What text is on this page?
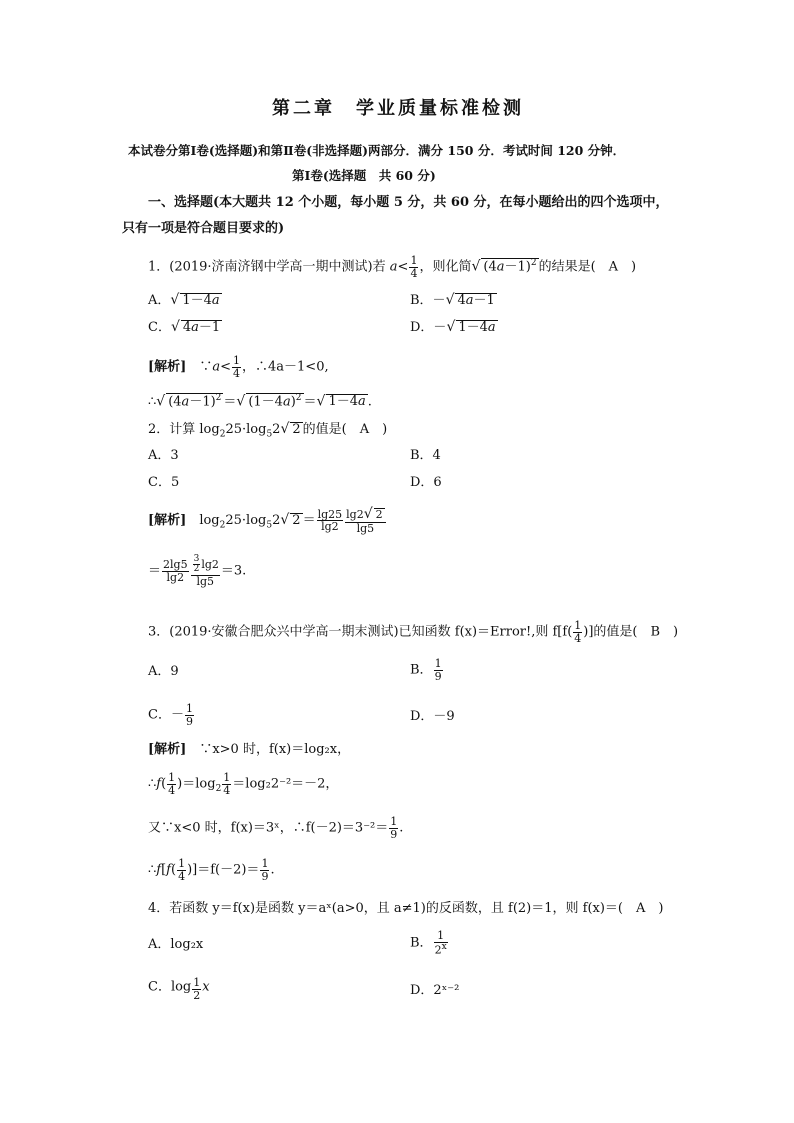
第二章　学业质量标准检测
本试卷分第Ⅰ卷(选择题)和第Ⅱ卷(非选择题)两部分．满分 150 分．考试时间 120 分钟．
第Ⅰ卷(选择题　共 60 分)
一、选择题(本大题共 12 个小题，每小题 5 分，共 60 分，在每小题给出的四个选项中，
只有一项是符合题目要求的)
1．(2019·济南济钢中学高一期中测试)若 $a< \frac{1}{4}$ ，则化简√ $(4a-1)^2$ 的结果是(　A　)
A．√ 1－4a	B．－√ 4a－1
C．√ 4a－1	D．－√ 1－4a
[解析]　∵a< $\frac{1}{4}$ ，∴4a－1<0,
∴√ $(4a-1)^2$ ＝√ $(1-4a)^2$ ＝√ 1－4a .
2．计算 $\log_225\cdot\log_52√$ 2 的值是(　A　)
A．3	B．4
C．5	D．6
[解析]　$\log_225\cdot\log_52√$ $2 = \frac{\lg 25}{\lg 2} \frac{\lg 2√ 2}{\lg 5}$
＝ $\frac{2\lg 5}{\lg 2} \frac{\frac{3}{2} \lg 2}{\lg 5} =3$.
3．(2019·安徽合肥众兴中学高一期末测试)已知函数 f(x)＝Error!,则 $f[f( \frac{1}{4}$ )]的值是(　B　)
A．9	B． $\frac{1}{9}$
C．－ $\frac{1}{9}$	D．－9
[解析]　 ∵x>0 时，f(x)＝log₂x，
∴f( $\frac{1}{4} )=\log_2 \frac{1}{4} =\log_22^{-2}=-2$，
又∵x<0 时，f(x)＝3ˣ，∴f(－2)＝3⁻²＝ $\frac{1}{9}$ .
∴f[f( $\frac{1}{4} )]=f(-2)= \frac{1}{9}$ .
4．若函数 y＝f(x)是函数 y＝aˣ(a>0，且 a≠1)的反函数，且 f(2)＝1，则 f(x)＝(　A　)
A．log₂x	B． $\frac{1}{2^x}$
C．$\log \frac{1}{2}$ x	D．2ˣ⁻²
